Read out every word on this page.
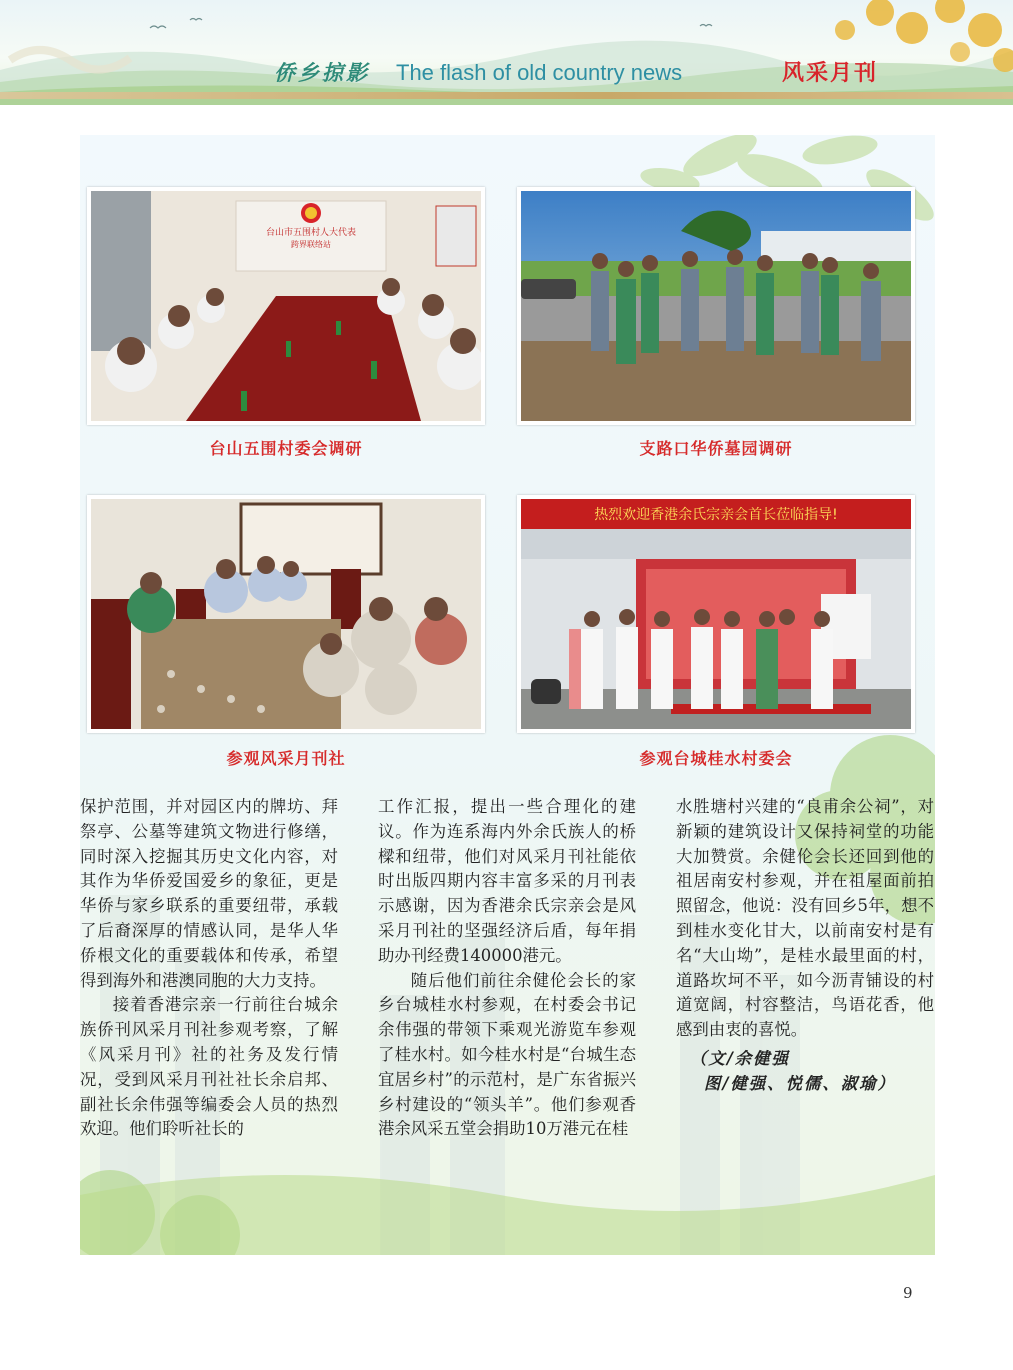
侨乡掠影 The flash of old country news	风采月刊
台山市五围村人大代表
跨界联络站
台山五围村委会调研	支路口华侨墓园调研
参观风采月刊社
热烈欢迎香港余氏宗亲会首长莅临指导!
参观台城桂水村委会

保护范围，并对园区内的牌坊、拜祭亭、公墓等建筑文物进行修缮，同时深入挖掘其历史文化内容，对其作为华侨爱国爱乡的象征，更是华侨与家乡联系的重要纽带，承载了后裔深厚的情感认同，是华人华侨根文化的重要载体和传承，希望得到海外和港澳同胞的大力支持。

接着香港宗亲一行前往台城余族侨刊风采月刊社参观考察，了解《风采月刊》社的社务及发行情况，受到风采月刊社社长余启邦、副社长余伟强等编委会人员的热烈欢迎。他们聆听社长的

工作汇报，提出一些合理化的建议。作为连系海内外余氏族人的桥樑和纽带，他们对风采月刊社能依时出版四期内容丰富多采的月刊表示感谢，因为香港余氏宗亲会是风采月刊社的坚强经济后盾，每年捐助办刊经费140000港元。

随后他们前往余健伦会长的家乡台城桂水村参观，在村委会书记余伟强的带领下乘观光游览车参观了桂水村。如今桂水村是“台城生态宜居乡村”的示范村，是广东省振兴乡村建设的“领头羊”。他们参观香港余风采五堂会捐助10万港元在桂

水胜塘村兴建的“良甫余公祠”，对新颖的建筑设计又保持祠堂的功能大加赞赏。余健伦会长还回到他的祖居南安村参观，并在祖屋面前拍照留念，他说：没有回乡5年，想不到桂水变化甘大，以前南安村是有名“大山坳”，是桂水最里面的村，道路坎坷不平，如今沥青铺设的村道宽阔，村容整洁，鸟语花香，他感到由衷的喜悦。

（文/余健强

图/健强、悦儒、淑瑜）

9
